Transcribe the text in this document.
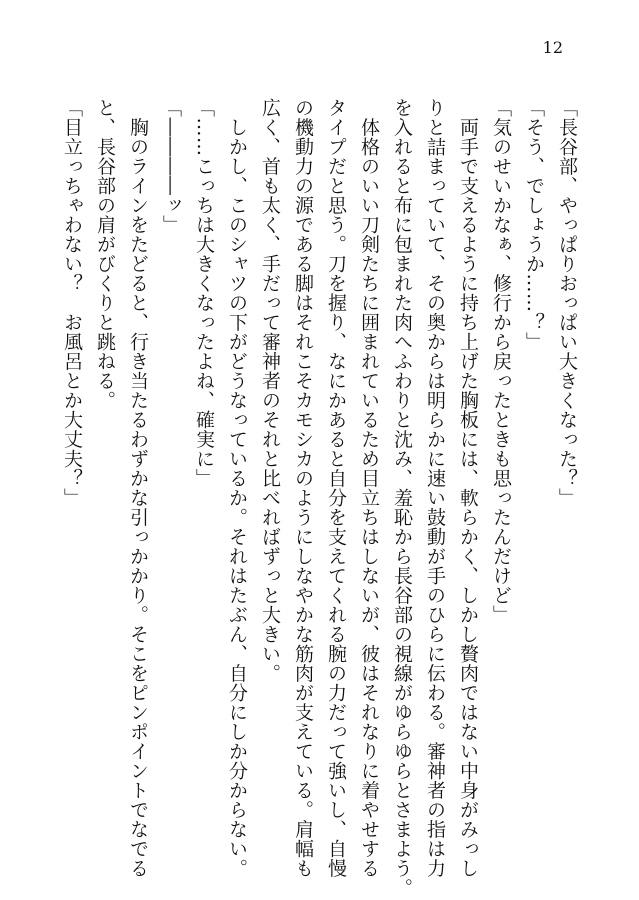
12

「長谷部、やっぱりおっぱい大きくなった？」

「そう、でしょうか……？」

「気のせいかなぁ、修行から戻ったときも思ったんだけど」

　両手で支えるように持ち上げた胸板には、軟らかく、しかし贅肉ではない中身がみっし

りと詰まっていて、その奥からは明らかに速い鼓動が手のひらに伝わる。審神者の指は力

を入れると布に包まれた肉へふわりと沈み、羞恥から長谷部の視線がゆらゆらとさまよう。

　体格のいい刀剣たちに囲まれているため目立ちはしないが、彼はそれなりに着やせする

タイプだと思う。刀を握り、なにかあると自分を支えてくれる腕の力だって強いし、自慢

の機動力の源である脚はそれこそカモシカのようにしなやかな筋肉が支えている。肩幅も

広く、首も太く、手だって審神者のそれと比べればずっと大きい。

　しかし、このシャツの下がどうなっているか。それはたぶん、自分にしか分からない。

「……こっちは大きくなったよね、確実に」

「――――ッ」

　胸のラインをたどると、行き当たるわずかな引っかかり。そこをピンポイントでなでる

と、長谷部の肩がびくりと跳ねる。

「目立っちゃわない？　お風呂とか大丈夫？」
